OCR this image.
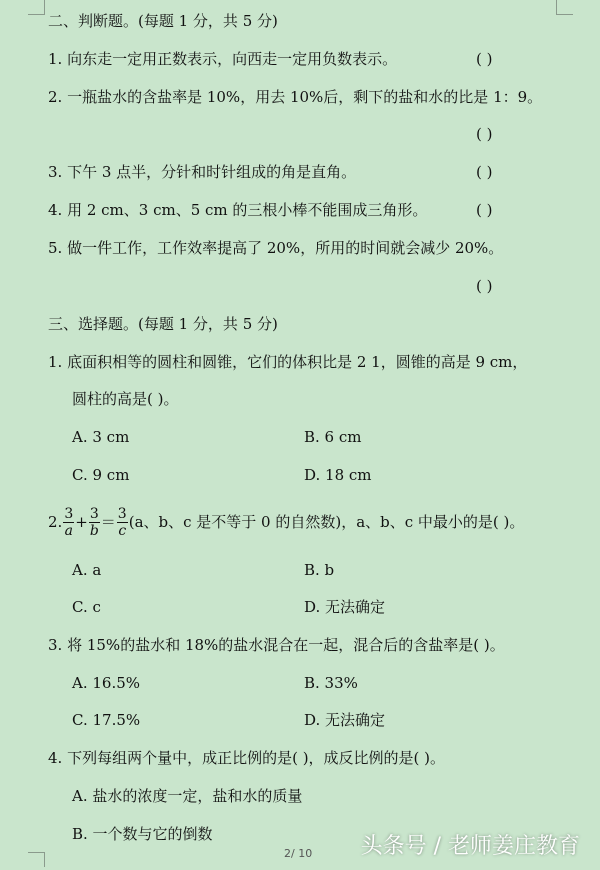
二、判断题。(每题 1 分，共 5 分)
1. 向东走一定用正数表示，向西走一定用负数表示。	( )
2. 一瓶盐水的含盐率是 10%，用去 10%后，剩下的盐和水的比是 1：9。
( )
3. 下午 3 点半，分针和时针组成的角是直角。	( )
4. 用 2 cm、3 cm、5 cm 的三根小棒不能围成三角形。	( )
5. 做一件工作，工作效率提高了 20%，所用的时间就会减少 20%。
( )
三、选择题。(每题 1 分，共 5 分)
1. 底面积相等的圆柱和圆锥，它们的体积比是 2 1，圆锥的高是 9 cm，
圆柱的高是( )。
A. 3 cm	B. 6 cm
C. 9 cm	D. 18 cm
2. $\frac{3}{a} + \frac{3}{b} = \frac{3}{c} (a$、b、c 是不等于 0 的自然数)，a、b、c 中最小的是( )。
A. a	B. b
C. c	D. 无法确定
3. 将 15%的盐水和 18%的盐水混合在一起，混合后的含盐率是( )。
A. 16.5%	B. 33%
C. 17.5%	D. 无法确定
4. 下列每组两个量中，成正比例的是( )，成反比例的是( )。
A. 盐水的浓度一定，盐和水的质量
B. 一个数与它的倒数
2/ 10 头条号 / 老师姜庄教育
